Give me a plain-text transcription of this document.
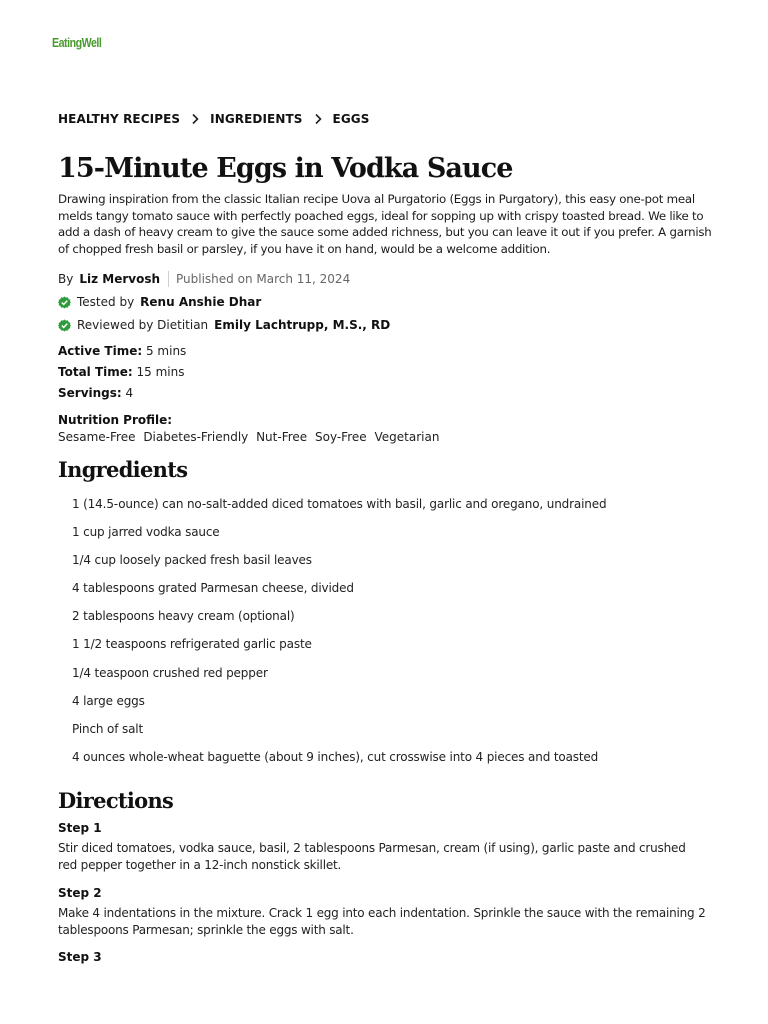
EatingWell
HEALTHY RECIPES	INGREDIENTS	EGGS
15-Minute Eggs in Vodka Sauce

Drawing inspiration from the classic Italian recipe Uova al Purgatorio (Eggs in Purgatory), this easy one-pot meal melds tangy tomato sauce with perfectly poached eggs, ideal for sopping up with crispy toasted bread. We like to add a dash of heavy cream to give the sauce some added richness, but you can leave it out if you prefer. A garnish of chopped fresh basil or parsley, if you have it on hand, would be a welcome addition.

By Liz Mervosh Published on March 11, 2024
Tested by Renu Anshie Dhar
Reviewed by Dietitian Emily Lachtrupp, M.S., RD
Active Time: 5 mins
Total Time: 15 mins
Servings: 4
Nutrition Profile:
Sesame-Free Diabetes-Friendly Nut-Free Soy-Free Vegetarian
Ingredients
1 (14.5-ounce) can no-salt-added diced tomatoes with basil, garlic and oregano, undrained
1 cup jarred vodka sauce
1/4 cup loosely packed fresh basil leaves
4 tablespoons grated Parmesan cheese, divided
2 tablespoons heavy cream (optional)
1 1/2 teaspoons refrigerated garlic paste
1/4 teaspoon crushed red pepper
4 large eggs
Pinch of salt
4 ounces whole-wheat baguette (about 9 inches), cut crosswise into 4 pieces and toasted
Directions
Step 1

Stir diced tomatoes, vodka sauce, basil, 2 tablespoons Parmesan, cream (if using), garlic paste and crushed red pepper together in a 12-inch nonstick skillet.

Step 2

Make 4 indentations in the mixture. Crack 1 egg into each indentation. Sprinkle the sauce with the remaining 2 tablespoons Parmesan; sprinkle the eggs with salt.

Step 3
